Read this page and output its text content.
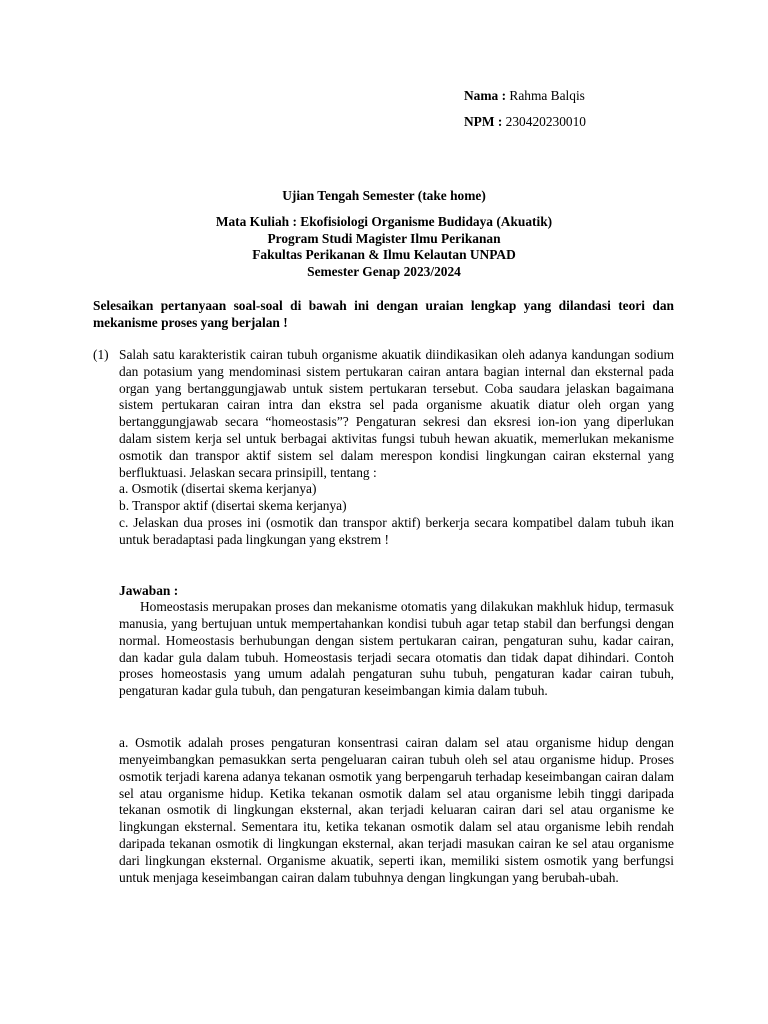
Nama : Rahma Balqis
NPM : 230420230010
Ujian Tengah Semester (take home)
Mata Kuliah : Ekofisiologi Organisme Budidaya (Akuatik)
Program Studi Magister Ilmu Perikanan
Fakultas Perikanan & Ilmu Kelautan UNPAD
Semester Genap 2023/2024
Selesaikan pertanyaan soal-soal di bawah ini dengan uraian lengkap yang dilandasi teori dan mekanisme proses yang berjalan !
(1) Salah satu karakteristik cairan tubuh organisme akuatik diindikasikan oleh adanya kandungan sodium dan potasium yang mendominasi sistem pertukaran cairan antara bagian internal dan eksternal pada organ yang bertanggungjawab untuk sistem pertukaran tersebut. Coba saudara jelaskan bagaimana sistem pertukaran cairan intra dan ekstra sel pada organisme akuatik diatur oleh organ yang bertanggungjawab secara “homeostasis”? Pengaturan sekresi dan eksresi ion-ion yang diperlukan dalam sistem kerja sel untuk berbagai aktivitas fungsi tubuh hewan akuatik, memerlukan mekanisme osmotik dan transpor aktif sistem sel dalam merespon kondisi lingkungan cairan eksternal yang berfluktuasi. Jelaskan secara prinsipill, tentang :
a. Osmotik (disertai skema kerjanya)
b. Transpor aktif (disertai skema kerjanya)
c. Jelaskan dua proses ini (osmotik dan transpor aktif) berkerja secara kompatibel dalam tubuh ikan untuk beradaptasi pada lingkungan yang ekstrem !
Jawaban :

Homeostasis merupakan proses dan mekanisme otomatis yang dilakukan makhluk hidup, termasuk manusia, yang bertujuan untuk mempertahankan kondisi tubuh agar tetap stabil dan berfungsi dengan normal. Homeostasis berhubungan dengan sistem pertukaran cairan, pengaturan suhu, kadar cairan, dan kadar gula dalam tubuh. Homeostasis terjadi secara otomatis dan tidak dapat dihindari. Contoh proses homeostasis yang umum adalah pengaturan suhu tubuh, pengaturan kadar cairan tubuh, pengaturan kadar gula tubuh, dan pengaturan keseimbangan kimia dalam tubuh.

a. Osmotik adalah proses pengaturan konsentrasi cairan dalam sel atau organisme hidup dengan menyeimbangkan pemasukkan serta pengeluaran cairan tubuh oleh sel atau organisme hidup. Proses osmotik terjadi karena adanya tekanan osmotik yang berpengaruh terhadap keseimbangan cairan dalam sel atau organisme hidup. Ketika tekanan osmotik dalam sel atau organisme lebih tinggi daripada tekanan osmotik di lingkungan eksternal, akan terjadi keluaran cairan dari sel atau organisme ke lingkungan eksternal. Sementara itu, ketika tekanan osmotik dalam sel atau organisme lebih rendah daripada tekanan osmotik di lingkungan eksternal, akan terjadi masukan cairan ke sel atau organisme dari lingkungan eksternal. Organisme akuatik, seperti ikan, memiliki sistem osmotik yang berfungsi untuk menjaga keseimbangan cairan dalam tubuhnya dengan lingkungan yang berubah-ubah.
